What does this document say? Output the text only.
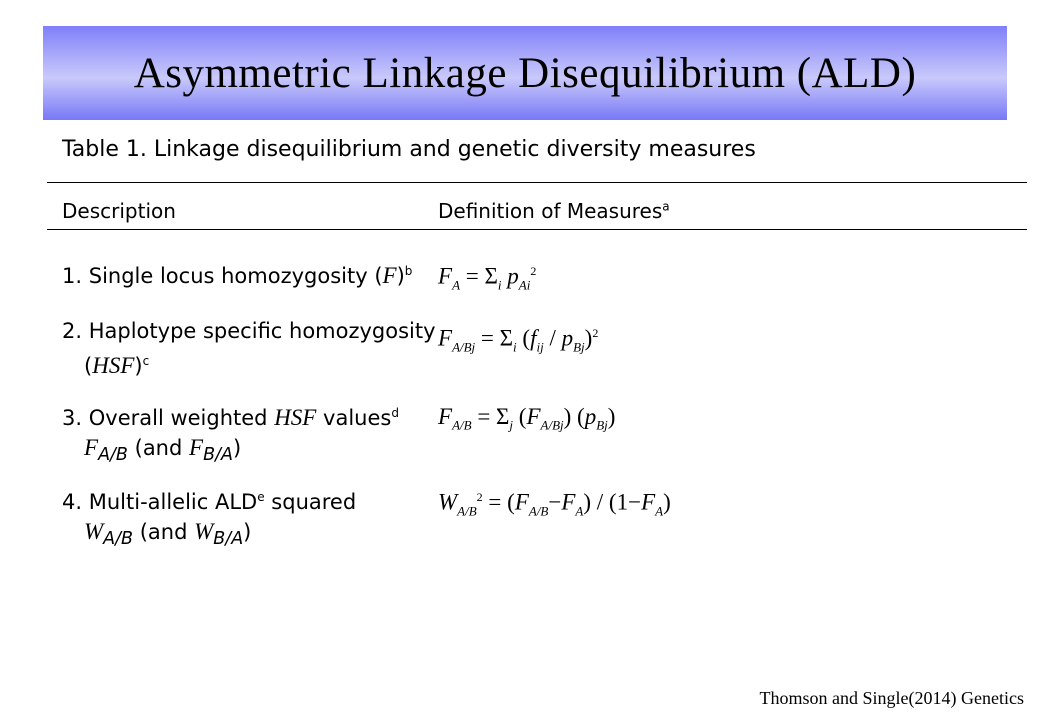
Asymmetric Linkage Disequilibrium (ALD)
Table 1. Linkage disequilibrium and genetic diversity measures
Description	Definition of Measures$^a$
1. Single locus homozygosity $(F)^b$ $F_A = \Sigma_i$ $p_{Ai}^2$
2. Haplotype specific homozygosity
(HSF)$^c$
$F_{A/Bj} = \Sigma_i$ $(f_{ij} / p_{Bj})^2$
3. Overall weighted HSF values$^d$
$F_{A/B}$ (and $F_{B/A}$)
$F_{A/B} = \Sigma_j$ $(F_{A/Bj})$ $(p_{Bj})$
4. Multi-allelic ALD$^e$ squared
$W_{A/B}$ (and $W_{B/A}$)
$W_{A/B}^2 = (F_{A/B}-F_A) / (1-F_A)$
Thomson and Single(2014) Genetics
